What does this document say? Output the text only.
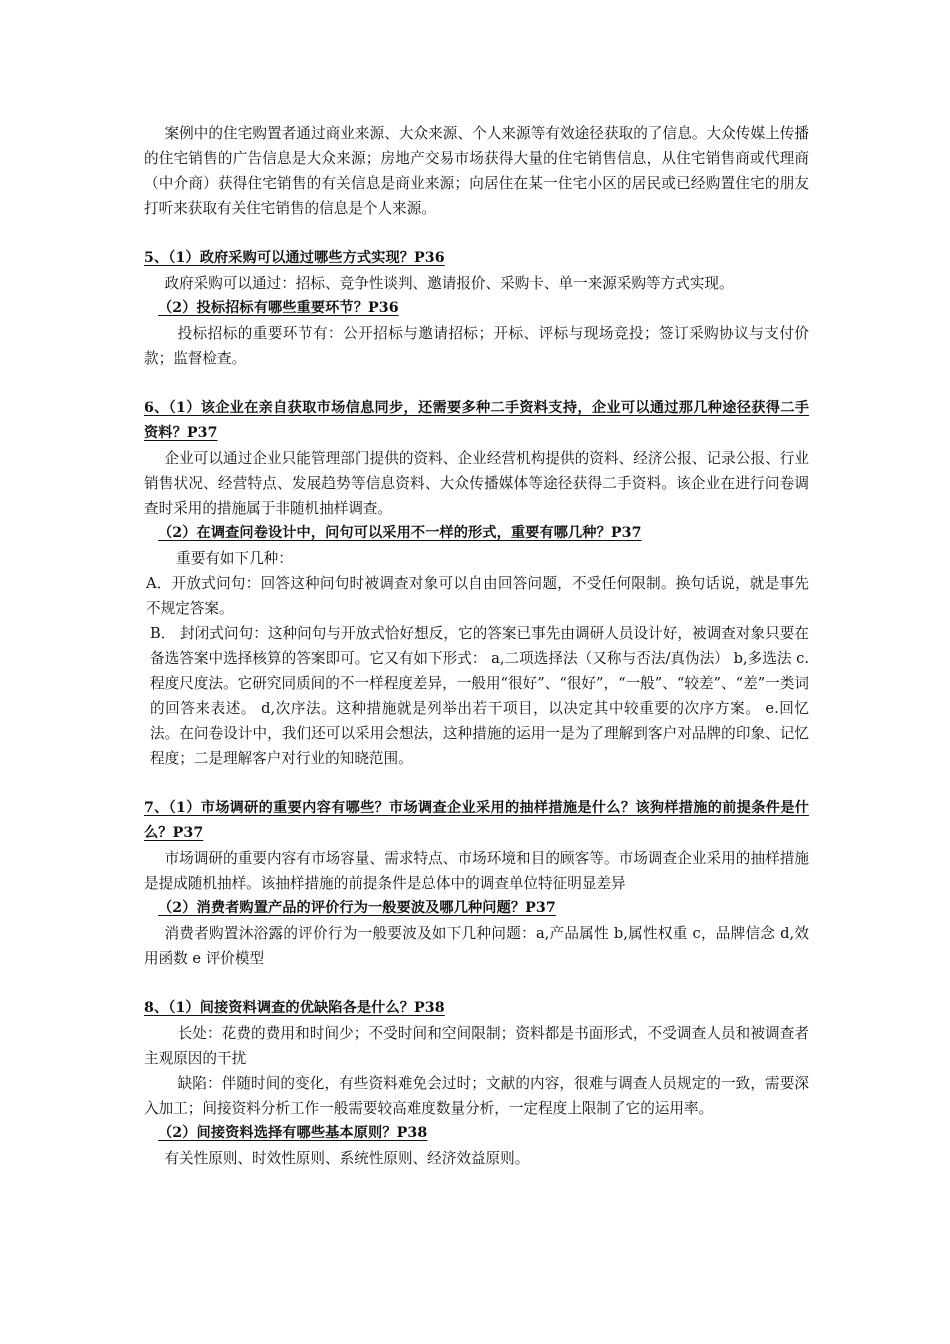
案例中的住宅购置者通过商业来源、大众来源、个人来源等有效途径获取的了信息。大众传媒上传播的住宅销售的广告信息是大众来源；房地产交易市场获得大量的住宅销售信息，从住宅销售商或代理商（中介商）获得住宅销售的有关信息是商业来源；向居住在某一住宅小区的居民或已经购置住宅的朋友打听来获取有关住宅销售的信息是个人来源。

5、（1）政府采购可以通过哪些方式实现？P36

政府采购可以通过：招标、竞争性谈判、邀请报价、采购卡、单一来源采购等方式实现。

（2）投标招标有哪些重要环节？P36

投标招标的重要环节有：公开招标与邀请招标；开标、评标与现场竞投；签订采购协议与支付价款；监督检查。

6、（1）该企业在亲自获取市场信息同步，还需要多种二手资料支持，企业可以通过那几种途径获得二手资料？P37

企业可以通过企业只能管理部门提供的资料、企业经营机构提供的资料、经济公报、记录公报、行业销售状况、经营特点、发展趋势等信息资料、大众传播媒体等途径获得二手资料。该企业在进行问卷调查时采用的措施属于非随机抽样调查。

（2）在调查问卷设计中，问句可以采用不一样的形式，重要有哪几种？P37

重要有如下几种：

A．开放式问句：回答这种问句时被调查对象可以自由回答问题，不受任何限制。换句话说，就是事先不规定答案。

B． 封闭式问句：这种问句与开放式恰好想反，它的答案已事先由调研人员设计好，被调查对象只要在备选答案中选择核算的答案即可。它又有如下形式： a,二项选择法（又称与否法/真伪法） b,多选法 c.程度尺度法。它研究同质间的不一样程度差异，一般用“很好”、“很好”，“一般”、“较差”、“差”一类词的回答来表述。 d,次序法。这种措施就是列举出若干项目，以决定其中较重要的次序方案。 e.回忆法。在问卷设计中，我们还可以采用会想法，这种措施的运用一是为了理解到客户对品牌的印象、记忆程度；二是理解客户对行业的知晓范围。

7、（1）市场调研的重要内容有哪些？市场调查企业采用的抽样措施是什么？该狗样措施的前提条件是什么？P37

市场调研的重要内容有市场容量、需求特点、市场环境和目的顾客等。市场调查企业采用的抽样措施是提成随机抽样。该抽样措施的前提条件是总体中的调查单位特征明显差异

（2）消费者购置产品的评价行为一般要波及哪几种问题？P37

消费者购置沐浴露的评价行为一般要波及如下几种问题：a,产品属性 b,属性权重 c，品牌信念 d,效用函数 e 评价模型

8、（1）间接资料调查的优缺陷各是什么？P38

长处：花费的费用和时间少；不受时间和空间限制；资料都是书面形式，不受调查人员和被调查者主观原因的干扰

缺陷：伴随时间的变化，有些资料难免会过时；文献的内容，很难与调查人员规定的一致，需要深入加工；间接资料分析工作一般需要较高难度数量分析，一定程度上限制了它的运用率。

（2）间接资料选择有哪些基本原则？P38

有关性原则、时效性原则、系统性原则、经济效益原则。
